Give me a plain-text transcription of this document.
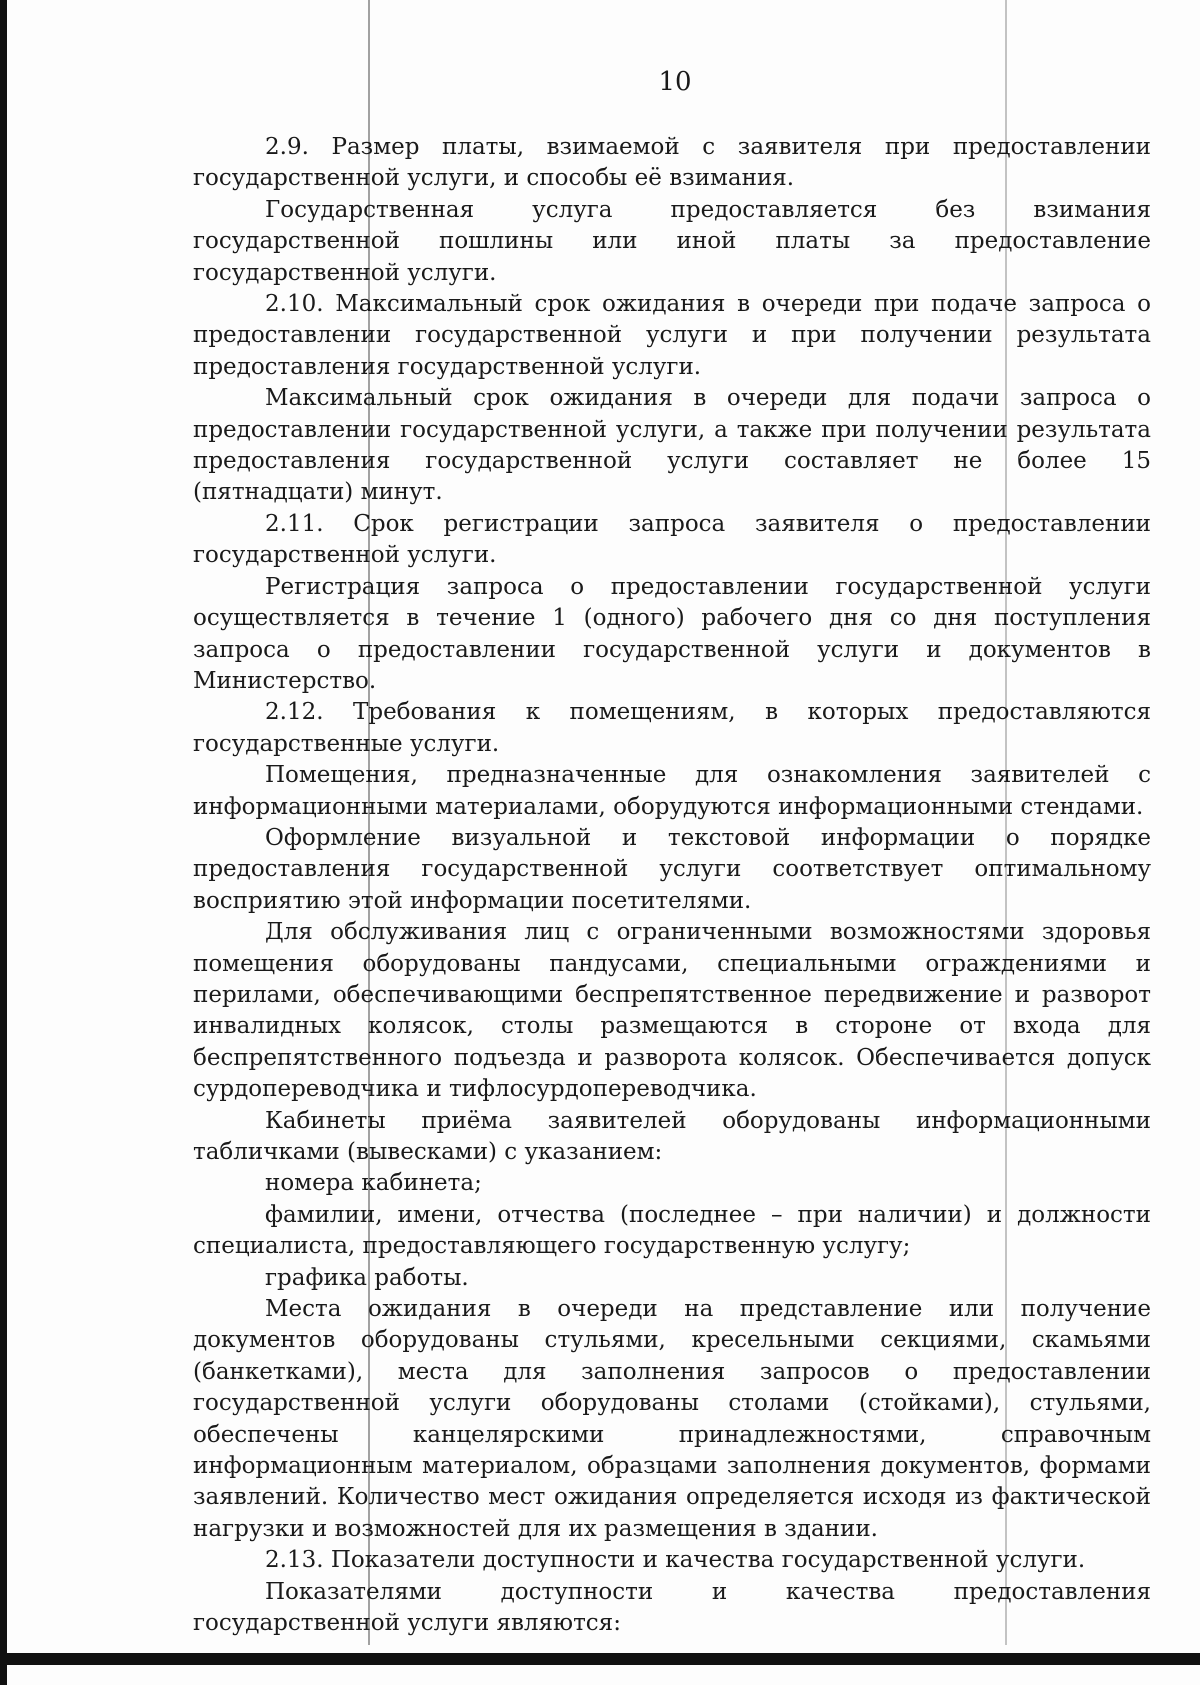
10

2.9. Размер платы, взимаемой с заявителя при предоставлении государственной услуги, и способы её взимания.

Государственная услуга предоставляется без взимания государственной пошлины или иной платы за предоставление государственной услуги.

2.10. Максимальный срок ожидания в очереди при подаче запроса о предоставлении государственной услуги и при получении результата предоставления государственной услуги.

Максимальный срок ожидания в очереди для подачи запроса о предоставлении государственной услуги, а также при получении результата предоставления государственной услуги составляет не более 15 (пятнадцати) минут.

2.11. Срок регистрации запроса заявителя о предоставлении государственной услуги.

Регистрация запроса о предоставлении государственной услуги осуществляется в течение 1 (одного) рабочего дня со дня поступления запроса о предоставлении государственной услуги и документов в Министерство.

2.12. Требования к помещениям, в которых предоставляются государственные услуги.

Помещения, предназначенные для ознакомления заявителей с информационными материалами, оборудуются информационными стендами.

Оформление визуальной и текстовой информации о порядке предоставления государственной услуги соответствует оптимальному восприятию этой информации посетителями.

Для обслуживания лиц с ограниченными возможностями здоровья помещения оборудованы пандусами, специальными ограждениями и перилами, обеспечивающими беспрепятственное передвижение и разворот инвалидных колясок, столы размещаются в стороне от входа для беспрепятственного подъезда и разворота колясок. Обеспечивается допуск сурдопереводчика и тифлосурдопереводчика.

Кабинеты приёма заявителей оборудованы информационными табличками (вывесками) с указанием:

номера кабинета;

фамилии, имени, отчества (последнее – при наличии) и должности специалиста, предоставляющего государственную услугу;

графика работы.

Места ожидания в очереди на представление или получение документов оборудованы стульями, кресельными секциями, скамьями (банкетками), места для заполнения запросов о предоставлении государственной услуги оборудованы столами (стойками), стульями, обеспечены канцелярскими принадлежностями, справочным информационным материалом, образцами заполнения документов, формами заявлений. Количество мест ожидания определяется исходя из фактической нагрузки и возможностей для их размещения в здании.

2.13. Показатели доступности и качества государственной услуги.

Показателями доступности и качества предоставления государственной услуги являются:
